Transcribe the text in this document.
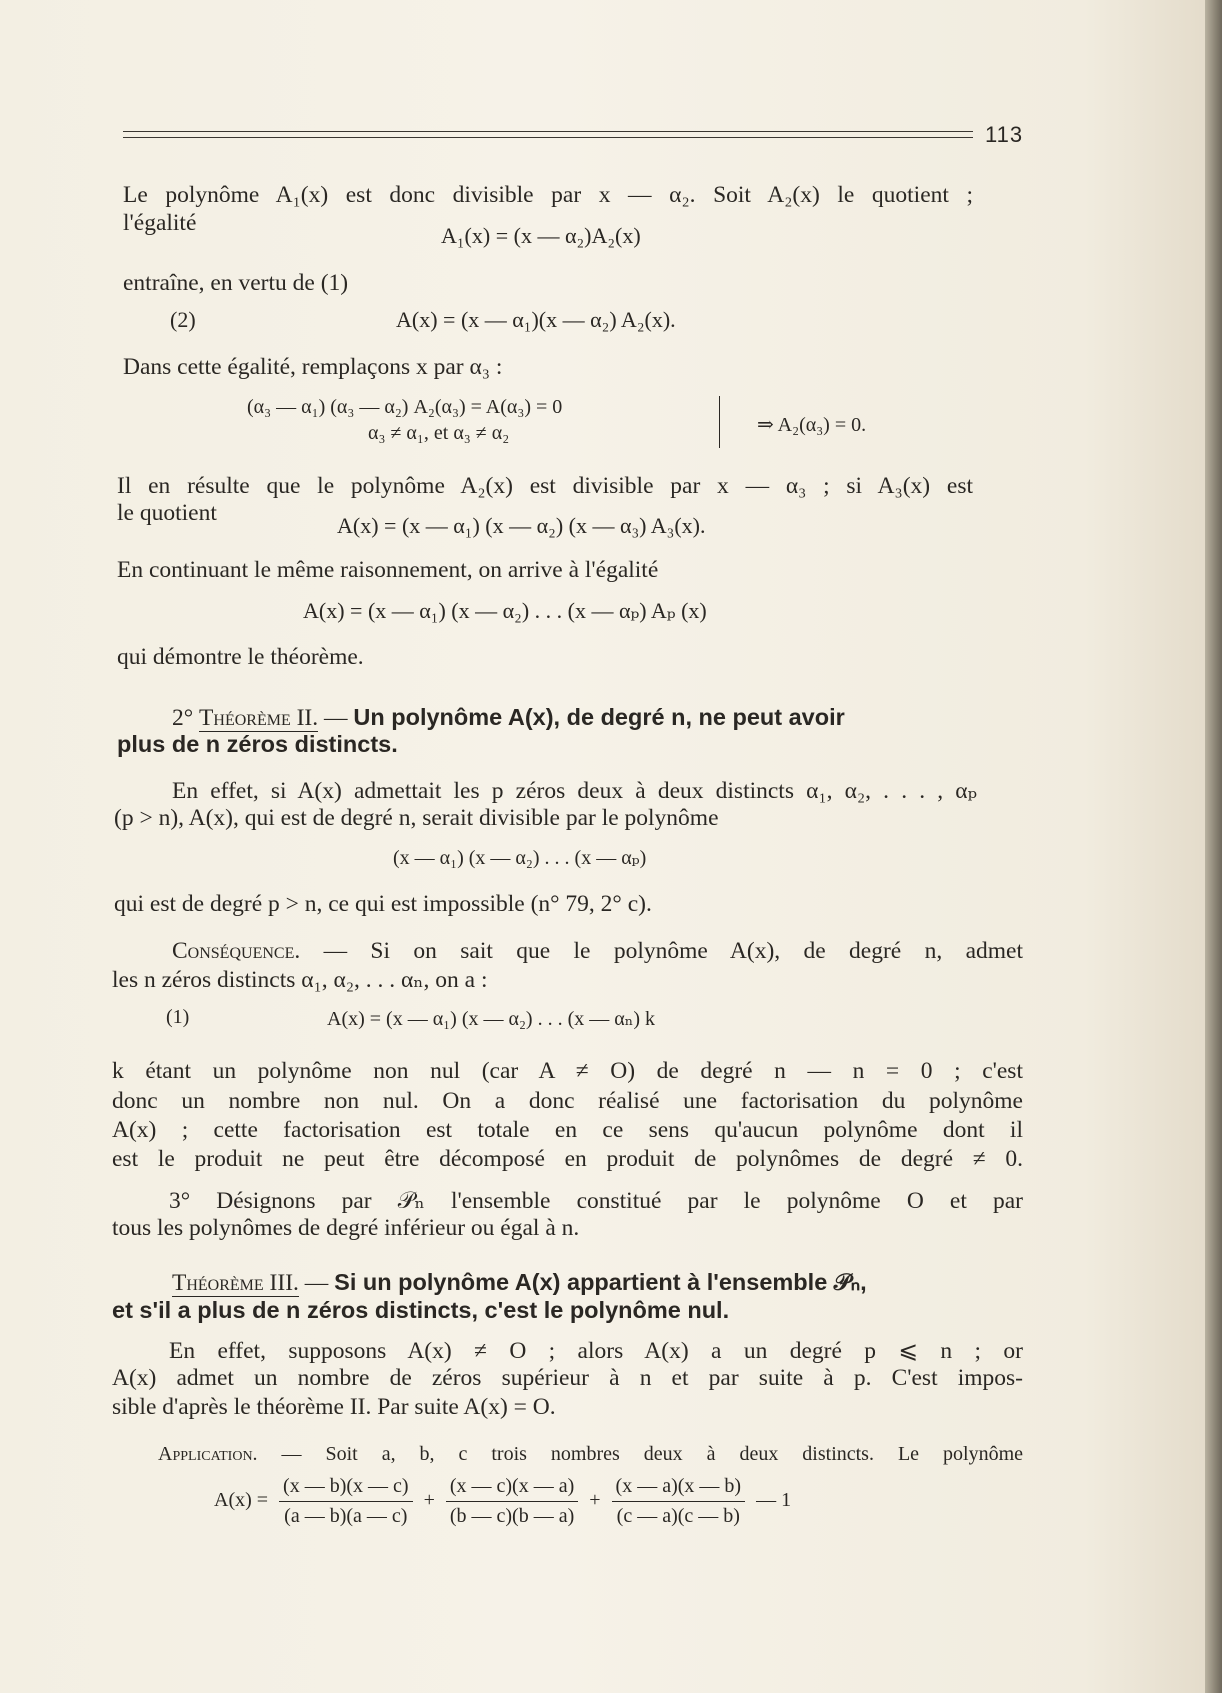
113
Le polynôme A₁(x) est donc divisible par x — α₂. Soit A₂(x) le quotient ;
l'égalité	A₁(x) = (x — α₂)A₂(x)
entraîne, en vertu de (1)
(2)	A(x) = (x — α₁)(x — α₂) A₂(x).
Dans cette égalité, remplaçons x par α₃ :
(α₃ — α₁) (α₃ — α₂) A₂(α₃) = A(α₃) = 0
α₃ ≠ α₁, et α₃ ≠ α₂	⇒ A₂(α₃) = 0.
Il en résulte que le polynôme A₂(x) est divisible par x — α₃ ; si A₃(x) est
le quotient	A(x) = (x — α₁) (x — α₂) (x — α₃) A₃(x).
En continuant le même raisonnement, on arrive à l'égalité
A(x) = (x — α₁) (x — α₂) . . . (x — αₚ) Aₚ (x)
qui démontre le théorème.
2° Théorème II. — Un polynôme A(x), de degré n, ne peut avoir
plus de n zéros distincts.
En effet, si A(x) admettait les p zéros deux à deux distincts α₁, α₂, . . . , αₚ
(p > n), A(x), qui est de degré n, serait divisible par le polynôme
(x — α₁) (x — α₂) . . . (x — αₚ)
qui est de degré p > n, ce qui est impossible (n° 79, 2° c).
Conséquence. — Si on sait que le polynôme A(x), de degré n, admet
les n zéros distincts α₁, α₂, . . . αₙ, on a :
(1)	A(x) = (x — α₁) (x — α₂) . . . (x — αₙ) k
k étant un polynôme non nul (car A ≠ O) de degré n — n = 0 ; c'est
donc un nombre non nul. On a donc réalisé une factorisation du polynôme
A(x) ; cette factorisation est totale en ce sens qu'aucun polynôme dont il
est le produit ne peut être décomposé en produit de polynômes de degré ≠ 0.
3° Désignons par 𝒫ₙ l'ensemble constitué par le polynôme O et par
tous les polynômes de degré inférieur ou égal à n.
Théorème III. — Si un polynôme A(x) appartient à l'ensemble 𝒫ₙ,
et s'il a plus de n zéros distincts, c'est le polynôme nul.
En effet, supposons A(x) ≠ O ; alors A(x) a un degré p ⩽ n ; or
A(x) admet un nombre de zéros supérieur à n et par suite à p. C'est impos-
sible d'après le théorème II. Par suite A(x) = O.
Application. — Soit a, b, c trois nombres deux à deux distincts. Le polynôme
$A(x) = \frac{(x — b)(x — c)}{(a — b)(a — c)} + \frac{(x — c)(x — a)}{(b — c)(b — a)} + \frac{(x — a)(x — b)}{(c — a)(c — b)}$ — 1
